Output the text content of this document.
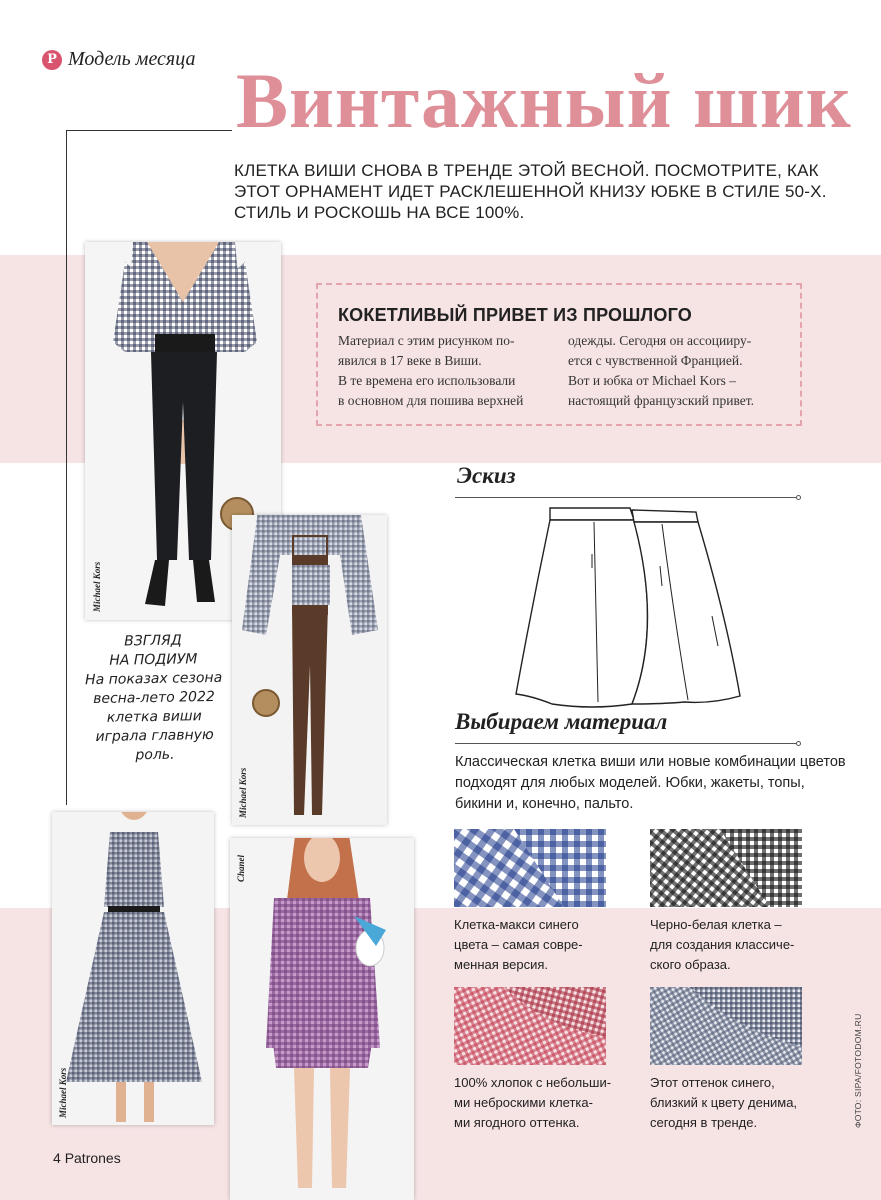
P Модель месяца Винтажный шик

КЛЕТКА ВИШИ СНОВА В ТРЕНДЕ ЭТОЙ ВЕСНОЙ. ПОСМОТРИТЕ, КАК ЭТОТ ОРНАМЕНТ ИДЕТ РАСКЛЕШЕННОЙ КНИЗУ ЮБКЕ В СТИЛЕ 50-Х. СТИЛЬ И РОСКОШЬ НА ВСЕ 100%.

Michael Kors
Michael Kors
Michael Kors
Chanel
КОКЕТЛИВЫЙ ПРИВЕТ ИЗ ПРОШЛОГО
Материал с этим рисунком по-
явился в 17 веке в Виши.
В те времена его использовали
в основном для пошива верхней
одежды. Сегодня он ассоцииру-
ется с чувственной Францией.
Вот и юбка от Michael Kors –
настоящий французский привет.
ВЗГЛЯД
НА ПОДИУМ
На показах сезона
весна-лето 2022
клетка виши
играла главную
роль.
Эскиз
Выбираем материал

Классическая клетка виши или новые комбинации цветов подходят для любых моделей. Юбки, жакеты, топы, бикини и, конечно, пальто.

Клетка-макси синего
цвета – самая совре-
менная версия.
Черно-белая клетка –
для создания классиче-
ского образа.
100% хлопок с небольши-
ми неброскими клетка-
ми ягодного оттенка.
Этот оттенок синего,
близкий к цвету денима,
сегодня в тренде.	ФОТО: SIPA/FOTODOM.RU
4 Patrones
